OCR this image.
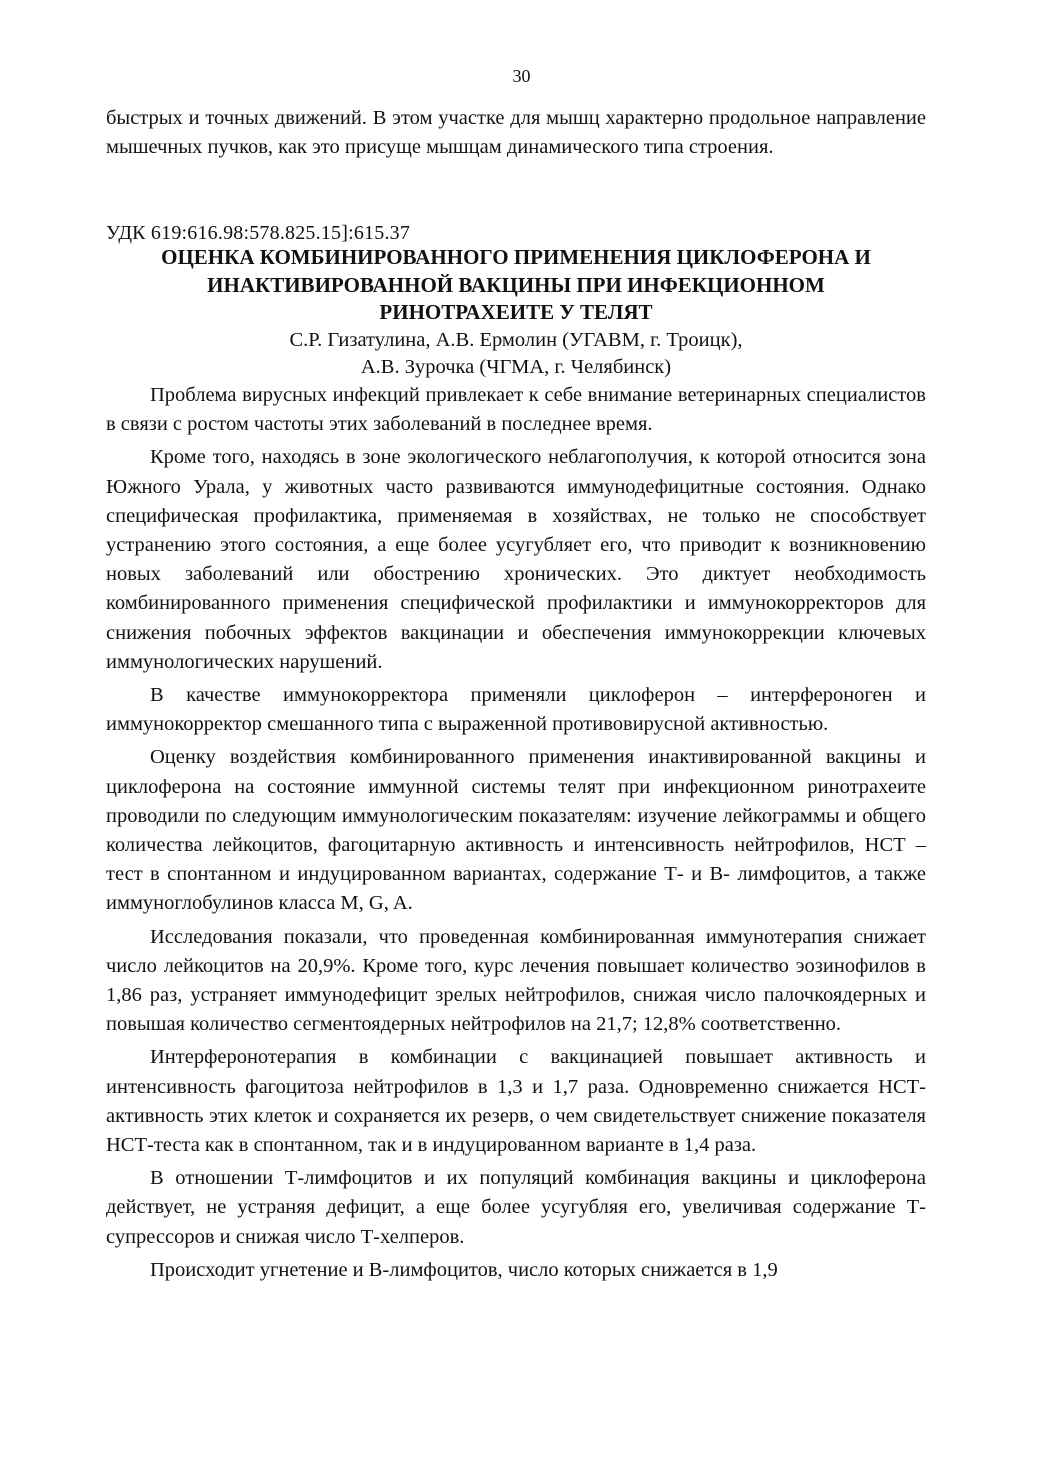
30
быстрых и точных движений. В этом участке для мышц характерно продольное направление мышечных пучков, как это присуще мышцам динамического типа строения.
УДК 619:616.98:578.825.15]:615.37
ОЦЕНКА КОМБИНИРОВАННОГО ПРИМЕНЕНИЯ ЦИКЛОФЕРОНА И
ИНАКТИВИРОВАННОЙ ВАКЦИНЫ ПРИ ИНФЕКЦИОННОМ
РИНОТРАХЕИТЕ У ТЕЛЯТ
С.Р. Гизатулина, А.В. Ермолин (УГАВМ, г. Троицк),
А.В. Зурочка (ЧГМА, г. Челябинск)

Проблема вирусных инфекций привлекает к себе внимание ветеринарных специалистов в связи с ростом частоты этих заболеваний в последнее время.

Кроме того, находясь в зоне экологического неблагополучия, к которой относится зона Южного Урала, у животных часто развиваются иммунодефицитные состояния. Однако специфическая профилактика, применяемая в хозяйствах, не только не способствует устранению этого состояния, а еще более усугубляет его, что приводит к возникновению новых заболеваний или обострению хронических. Это диктует необходимость комбинированного применения специфической профилактики и иммунокорректоров для снижения побочных эффектов вакцинации и обеспечения иммунокоррекции ключевых иммунологических нарушений.

В качестве иммунокорректора применяли циклоферон – интерфероноген и иммунокорректор смешанного типа с выраженной противовирусной активностью.

Оценку воздействия комбинированного применения инактивированной вакцины и циклоферона на состояние иммунной системы телят при инфекционном ринотрахеите проводили по следующим иммунологическим показателям: изучение лейкограммы и общего количества лейкоцитов, фагоцитарную активность и интенсивность нейтрофилов, НСТ – тест в спонтанном и индуцированном вариантах, содержание Т- и В- лимфоцитов, а также иммуноглобулинов класса M, G, A.

Исследования показали, что проведенная комбинированная иммунотерапия снижает число лейкоцитов на 20,9%. Кроме того, курс лечения повышает количество эозинофилов в 1,86 раз, устраняет иммунодефицит зрелых нейтрофилов, снижая число палочкоядерных и повышая количество сегментоядерных нейтрофилов на 21,7; 12,8% соответственно.

Интерферонотерапия в комбинации с вакцинацией повышает активность и интенсивность фагоцитоза нейтрофилов в 1,3 и 1,7 раза. Одновременно снижается НСТ-активность этих клеток и сохраняется их резерв, о чем свидетельствует снижение показателя НСТ-теста как в спонтанном, так и в индуцированном варианте в 1,4 раза.

В отношении Т-лимфоцитов и их популяций комбинация вакцины и циклоферона действует, не устраняя дефицит, а еще более усугубляя его, увеличивая содержание Т-супрессоров и снижая число Т-хелперов.

Происходит угнетение и В-лимфоцитов, число которых снижается в 1,9
